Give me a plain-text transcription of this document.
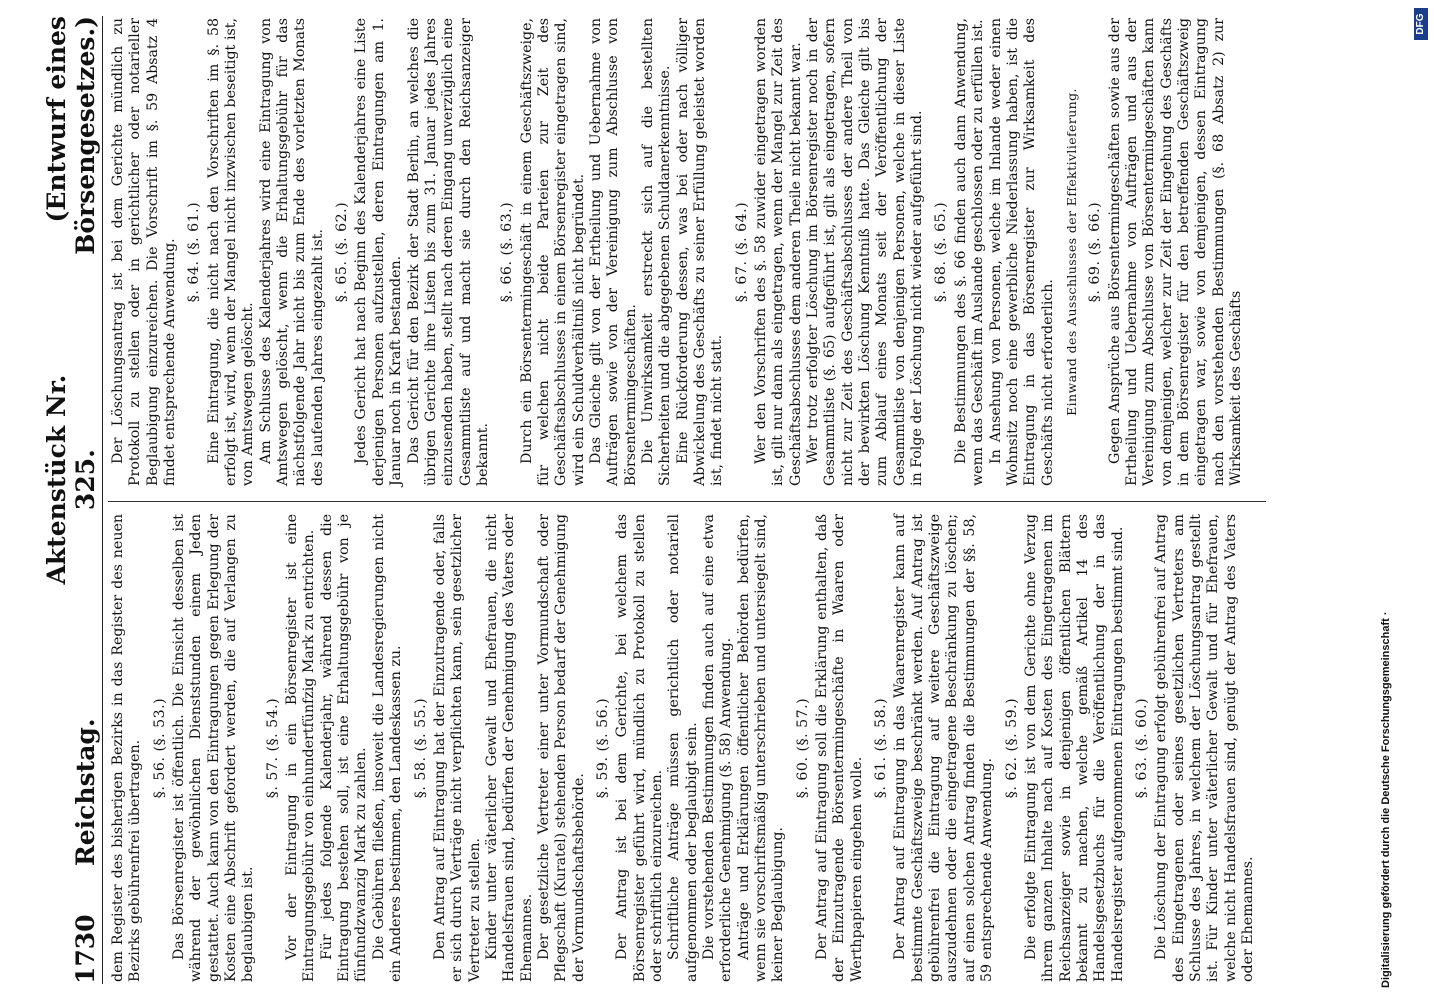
1730
Reichstag.
Aktenstück Nr. 325.
(Entwurf eines Börsengesetzes.)

dem Register des bisherigen Bezirks in das Register des neuen Bezirks gebührenfrei übertragen. §. 56. (§. 53.) Das Börsenregister ist öffentlich. Die Einsicht desselben ist während der gewöhnlichen Dienststunden einem Jeden gestattet. Auch kann von den Eintragungen gegen Erlegung der Kosten eine Abschrift gefordert werden, die auf Verlangen zu beglaubigen ist.

§. 57. (§. 54.) Vor der Eintragung in ein Börsenregister ist eine Eintragungsgebühr von einhundertfünfzig Mark zu entrichten. Für jedes folgende Kalenderjahr, während dessen die Eintragung bestehen soll, ist eine Erhaltungsgebühr von je fünfundzwanzig Mark zu zahlen. Die Gebühren fließen, insoweit die Landesregierungen nicht ein Anderes bestimmen, den Landeskassen zu. §. 58. (§. 55.) Den Antrag auf Eintragung hat der Einzutragende oder, falls er sich durch Verträge nicht verpflichten kann, sein gesetzlicher Vertreter zu stellen. Kinder unter väterlicher Gewalt und Ehefrauen, die nicht Handelsfrauen sind, bedürfen der Genehmigung des Vaters oder Ehemannes. Der gesetzliche Vertreter einer unter Vormundschaft oder Pflegschaft (Kuratel) stehenden Person bedarf der Genehmigung der Vormundschaftsbehörde.

§. 59. (§. 56.) Der Antrag ist bei dem Gerichte, bei welchem das Börsenregister geführt wird, mündlich zu Protokoll zu stellen oder schriftlich einzureichen. Schriftliche Anträge müssen gerichtlich oder notariell aufgenommen oder beglaubigt sein. Die vorstehenden Bestimmungen finden auch auf eine etwa erforderliche Genehmigung (§. 58) Anwendung. Anträge und Erklärungen öffentlicher Behörden bedürfen, wenn sie vorschriftsmäßig unterschrieben und untersiegelt sind, keiner Beglaubigung.

§. 60. (§. 57.) Der Antrag auf Eintragung soll die Erklärung enthalten, daß der Einzutragende Börsentermingeschäfte in Waaren oder Werthpapieren eingehen wolle.

§. 61. (§. 58.) Der Antrag auf Eintragung in das Waarenregister kann auf bestimmte Geschäftszweige beschränkt werden. Auf Antrag ist gebührenfrei die Eintragung auf weitere Geschäftszweige auszudehnen oder die eingetragene Beschränkung zu löschen; auf einen solchen Antrag finden die Bestimmungen der §§. 58, 59 entsprechende Anwendung.

§. 62. (§. 59.) Die erfolgte Eintragung ist von dem Gerichte ohne Verzug ihrem ganzen Inhalte nach auf Kosten des Eingetragenen im Reichsanzeiger sowie in denjenigen öffentlichen Blättern bekannt zu machen, welche gemäß Artikel 14 des Handelsgesetzbuchs für die Veröffentlichung der in das Handelsregister aufgenommenen Eintragungen bestimmt sind. §. 63. (§. 60.) Die Löschung der Eintragung erfolgt gebührenfrei auf Antrag des Eingetragenen oder seines gesetzlichen Vertreters am Schlusse des Jahres, in welchem der Löschungsantrag gestellt ist. Für Kinder unter väterlicher Gewalt und für Ehefrauen, welche nicht Handelsfrauen sind, genügt der Antrag des Vaters oder Ehemannes.

Der Löschungsantrag ist bei dem Gerichte mündlich zu Protokoll zu stellen oder in gerichtlicher oder notarieller Beglaubigung einzureichen. Die Vorschrift im §. 59 Absatz 4 findet entsprechende Anwendung. §. 64. (§. 61.) Eine Eintragung, die nicht nach den Vorschriften im §. 58 erfolgt ist, wird, wenn der Mangel nicht inzwischen beseitigt ist, von Amtswegen gelöscht. Am Schlusse des Kalenderjahres wird eine Eintragung von Amtswegen gelöscht, wenn die Erhaltungsgebühr für das nächstfolgende Jahr nicht bis zum Ende des vorletzten Monats des laufenden Jahres eingezahlt ist. §. 65. (§. 62.) Jedes Gericht hat nach Beginn des Kalenderjahres eine Liste derjenigen Personen aufzustellen, deren Eintragungen am 1. Januar noch in Kraft bestanden. Das Gericht für den Bezirk der Stadt Berlin, an welches die übrigen Gerichte ihre Listen bis zum 31. Januar jedes Jahres einzusenden haben, stellt nach deren Eingang unverzüglich eine Gesammtliste auf und macht sie durch den Reichsanzeiger bekannt.

§. 66. (§. 63.) Durch ein Börsentermingeschäft in einem Geschäftszweige, für welchen nicht beide Parteien zur Zeit des Geschäftsabschlusses in einem Börsenregister eingetragen sind, wird ein Schuldverhältniß nicht begründet. Das Gleiche gilt von der Ertheilung und Uebernahme von Aufträgen sowie von der Vereinigung zum Abschlusse von Börsentermingeschäften. Die Unwirksamkeit erstreckt sich auf die bestellten Sicherheiten und die abgegebenen Schuldanerkenntnisse. Eine Rückforderung dessen, was bei oder nach völliger Abwickelung des Geschäfts zu seiner Erfüllung geleistet worden ist, findet nicht statt.

§. 67. (§. 64.) Wer den Vorschriften des §. 58 zuwider eingetragen worden ist, gilt nur dann als eingetragen, wenn der Mangel zur Zeit des Geschäftsabschlusses dem anderen Theile nicht bekannt war. Wer trotz erfolgter Löschung im Börsenregister noch in der Gesammtliste (§. 65) aufgeführt ist, gilt als eingetragen, sofern nicht zur Zeit des Geschäftsabschlusses der andere Theil von der bewirkten Löschung Kenntniß hatte. Das Gleiche gilt bis zum Ablauf eines Monats seit der Veröffentlichung der Gesammtliste von denjenigen Personen, welche in dieser Liste in Folge der Löschung nicht wieder aufgeführt sind. §. 68. (§. 65.) Die Bestimmungen des §. 66 finden auch dann Anwendung, wenn das Geschäft im Auslande geschlossen oder zu erfüllen ist. In Ansehung von Personen, welche im Inlande weder einen Wohnsitz noch eine gewerbliche Niederlassung haben, ist die Eintragung in das Börsenregister zur Wirksamkeit des Geschäfts nicht erforderlich. Einwand des Ausschlusses der Effektivlieferung. §. 69. (§. 66.) Gegen Ansprüche aus Börsentermingeschäften sowie aus der Ertheilung und Uebernahme von Aufträgen und aus der Vereinigung zum Abschlusse von Börsentermingeschäften kann von demjenigen, welcher zur Zeit der Eingehung des Geschäfts in dem Börsenregister für den betreffenden Geschäftszweig eingetragen war, sowie von demjenigen, dessen Eintragung nach den vorstehenden Bestimmungen (§. 68 Absatz 2) zur Wirksamkeit des Geschäfts

Digitalisierung gefördert durch die Deutsche Forschungsgemeinschaft ·
DFG
